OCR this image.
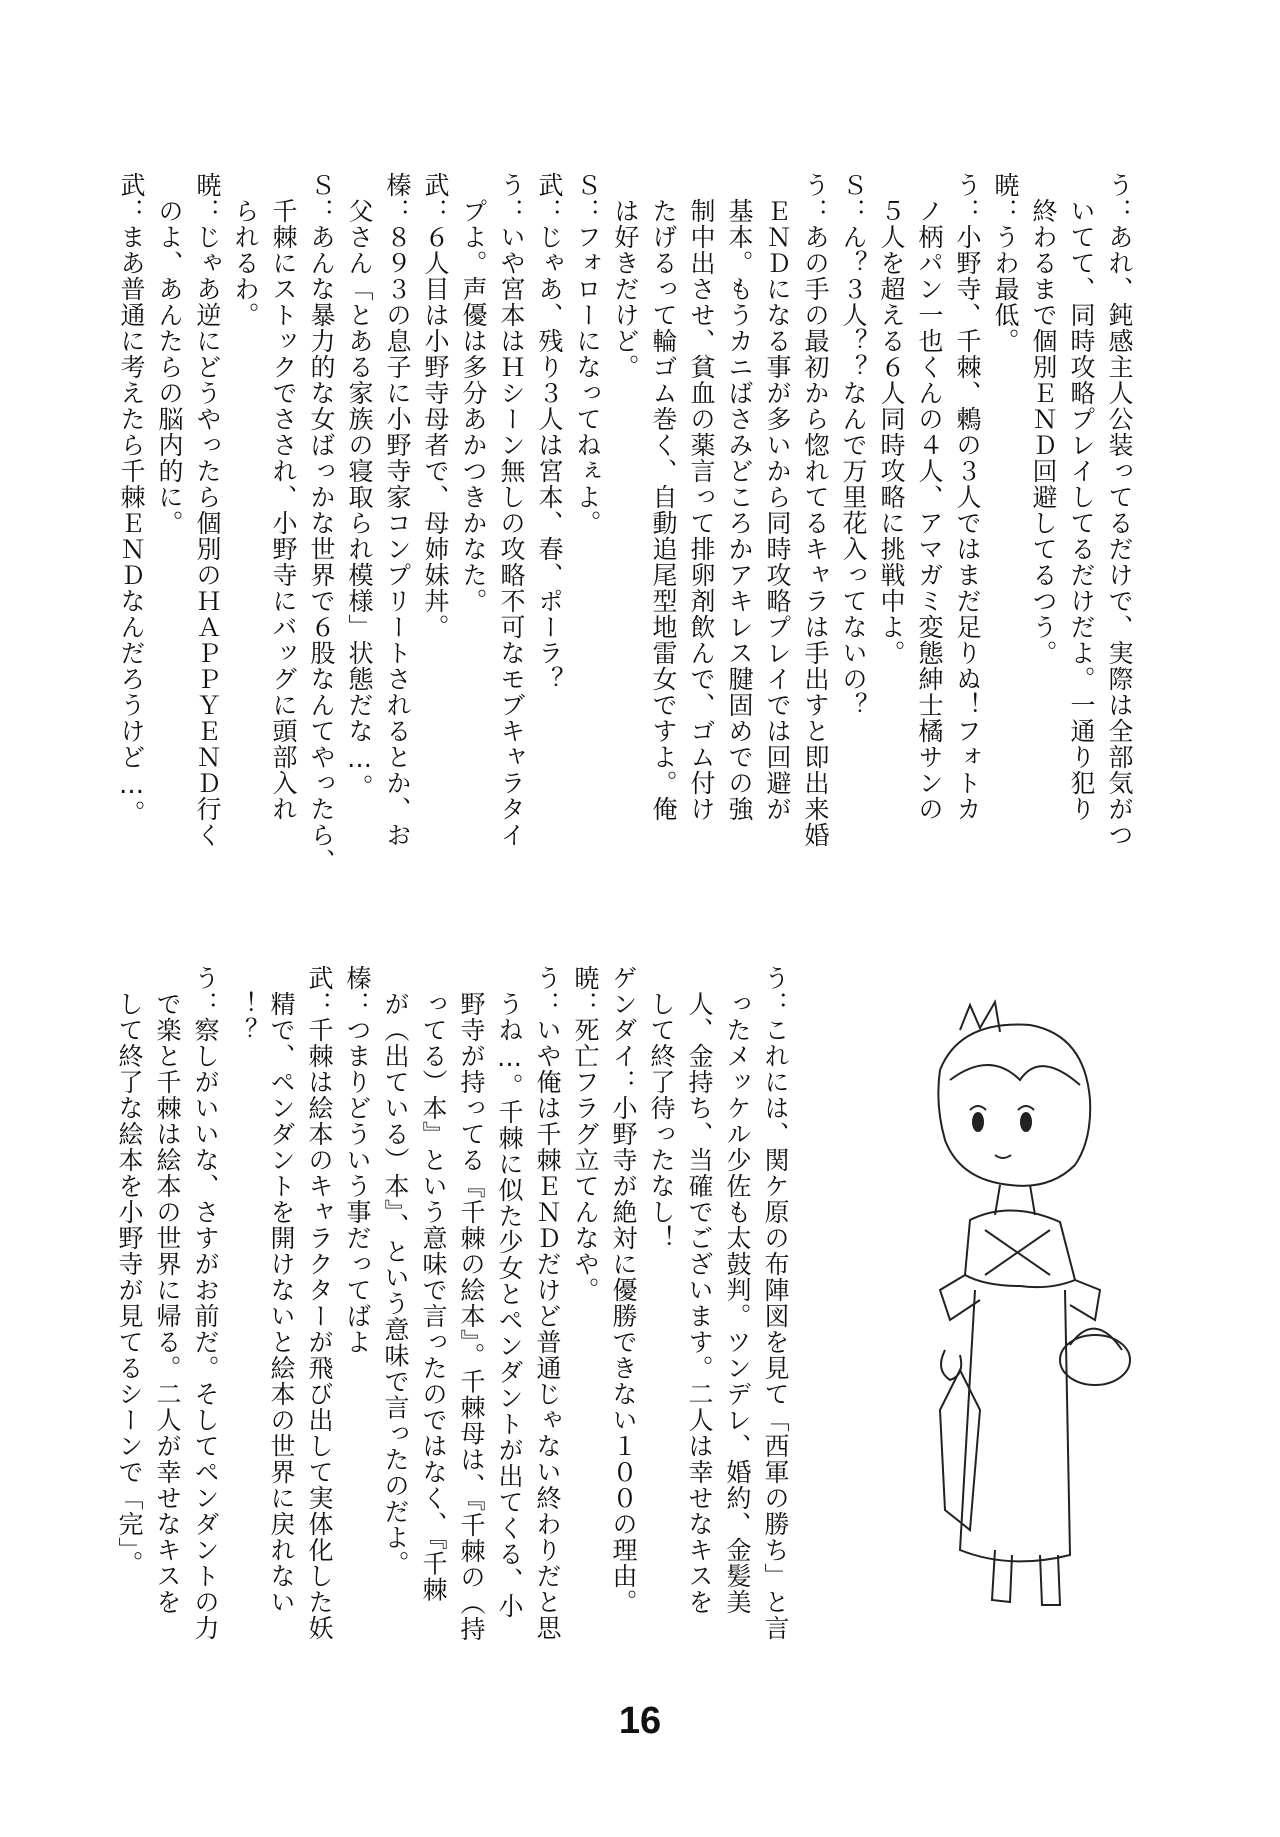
う：あれ、鈍感主人公装ってるだけで、実際は全部気がつ
いてて、同時攻略プレイしてるだけだよ。一通り犯り
終わるまで個別ＥＮＤ回避してるつう。
暁：うわ最低。
う：小野寺、千棘、鶫の３人ではまだ足りぬ！フォトカ
ノ柄パン一也くんの４人、アマガミ変態紳士橘サンの
５人を超える６人同時攻略に挑戦中よ。
Ｓ：ん？３人？？なんで万里花入ってないの？
う：あの手の最初から惚れてるキャラは手出すと即出来婚
ＥＮＤになる事が多いから同時攻略プレイでは回避が
基本。もうカニばさみどころかアキレス腱固めでの強
制中出させ、貧血の薬言って排卵剤飲んで、ゴム付け
たげるって輪ゴム巻く、自動追尾型地雷女ですよ。俺
は好きだけど。
Ｓ：フォローになってねぇよ。
武：じゃあ、残り３人は宮本、春、ポーラ？
う：いや宮本はＨシーン無しの攻略不可なモブキャラタイ
プよ。声優は多分あかつきかなた。
武：６人目は小野寺母者で、母姉妹丼。
榛：８９３の息子に小野寺家コンプリートされるとか、お
父さん「とある家族の寝取られ模様」状態だな…。
Ｓ：あんな暴力的な女ばっかな世界で６股なんてやったら、
千棘にストックでさされ、小野寺にバッグに頭部入れ
られるわ。
暁：じゃあ逆にどうやったら個別のＨＡＰＰＹＥＮＤ行く
のよ、あんたらの脳内的に。
武：まあ普通に考えたら千棘ＥＮＤなんだろうけど…。
う：これには、関ケ原の布陣図を見て「西軍の勝ち」と言
ったメッケル少佐も太鼓判。ツンデレ、婚約、金髪美
人、金持ち、当確でございます。二人は幸せなキスを
して終了待ったなし！
ゲンダイ：小野寺が絶対に優勝できない１００の理由。
暁：死亡フラグ立てんなや。
う：いや俺は千棘ＥＮＤだけど普通じゃない終わりだと思
うね…。千棘に似た少女とペンダントが出てくる、小
野寺が持ってる『千棘の絵本』。千棘母は、『千棘の（持
ってる）本』という意味で言ったのではなく、『千棘
が（出ている）本』、という意味で言ったのだよ。
榛：つまりどういう事だってばよ
武：千棘は絵本のキャラクターが飛び出して実体化した妖
精で、ペンダントを開けないと絵本の世界に戻れない
！？
う：察しがいいな、さすがお前だ。そしてペンダントの力
で楽と千棘は絵本の世界に帰る。二人が幸せなキスを
して終了な絵本を小野寺が見てるシーンで「完」。
16
